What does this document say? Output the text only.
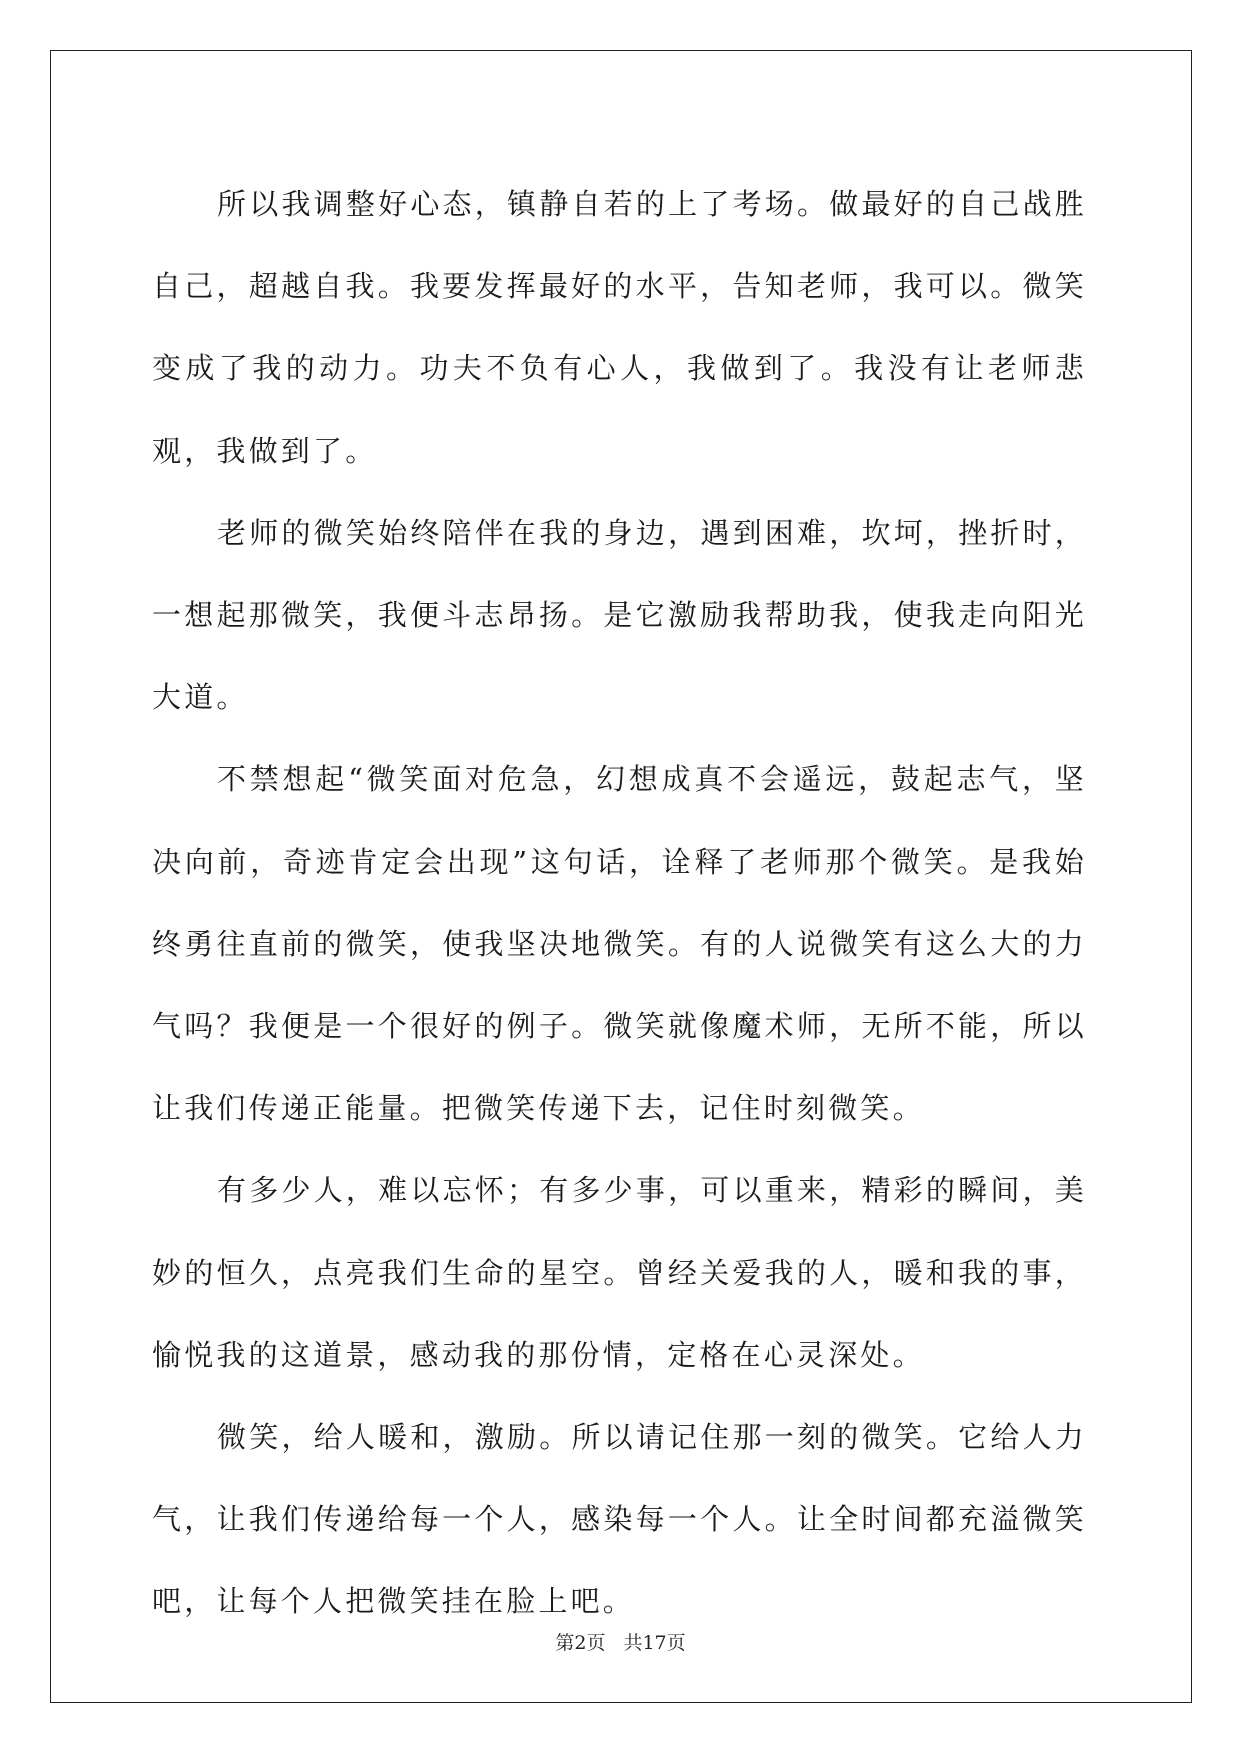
所以我调整好心态，镇静自若的上了考场。做最好的自己战胜自己，超越自我。我要发挥最好的水平，告知老师，我可以。微笑变成了我的动力。功夫不负有心人，我做到了。我没有让老师悲观，我做到了。

老师的微笑始终陪伴在我的身边，遇到困难，坎坷，挫折时，一想起那微笑，我便斗志昂扬。是它激励我帮助我，使我走向阳光大道。

不禁想起“微笑面对危急，幻想成真不会遥远，鼓起志气，坚决向前，奇迹肯定会出现”这句话，诠释了老师那个微笑。是我始终勇往直前的微笑，使我坚决地微笑。有的人说微笑有这么大的力气吗？我便是一个很好的例子。微笑就像魔术师，无所不能，所以让我们传递正能量。把微笑传递下去，记住时刻微笑。

有多少人，难以忘怀；有多少事，可以重来，精彩的瞬间，美妙的恒久，点亮我们生命的星空。曾经关爱我的人，暖和我的事，愉悦我的这道景，感动我的那份情，定格在心灵深处。

微笑，给人暖和，激励。所以请记住那一刻的微笑。它给人力气，让我们传递给每一个人，感染每一个人。让全时间都充溢微笑吧，让每个人把微笑挂在脸上吧。

第2页 共17页
